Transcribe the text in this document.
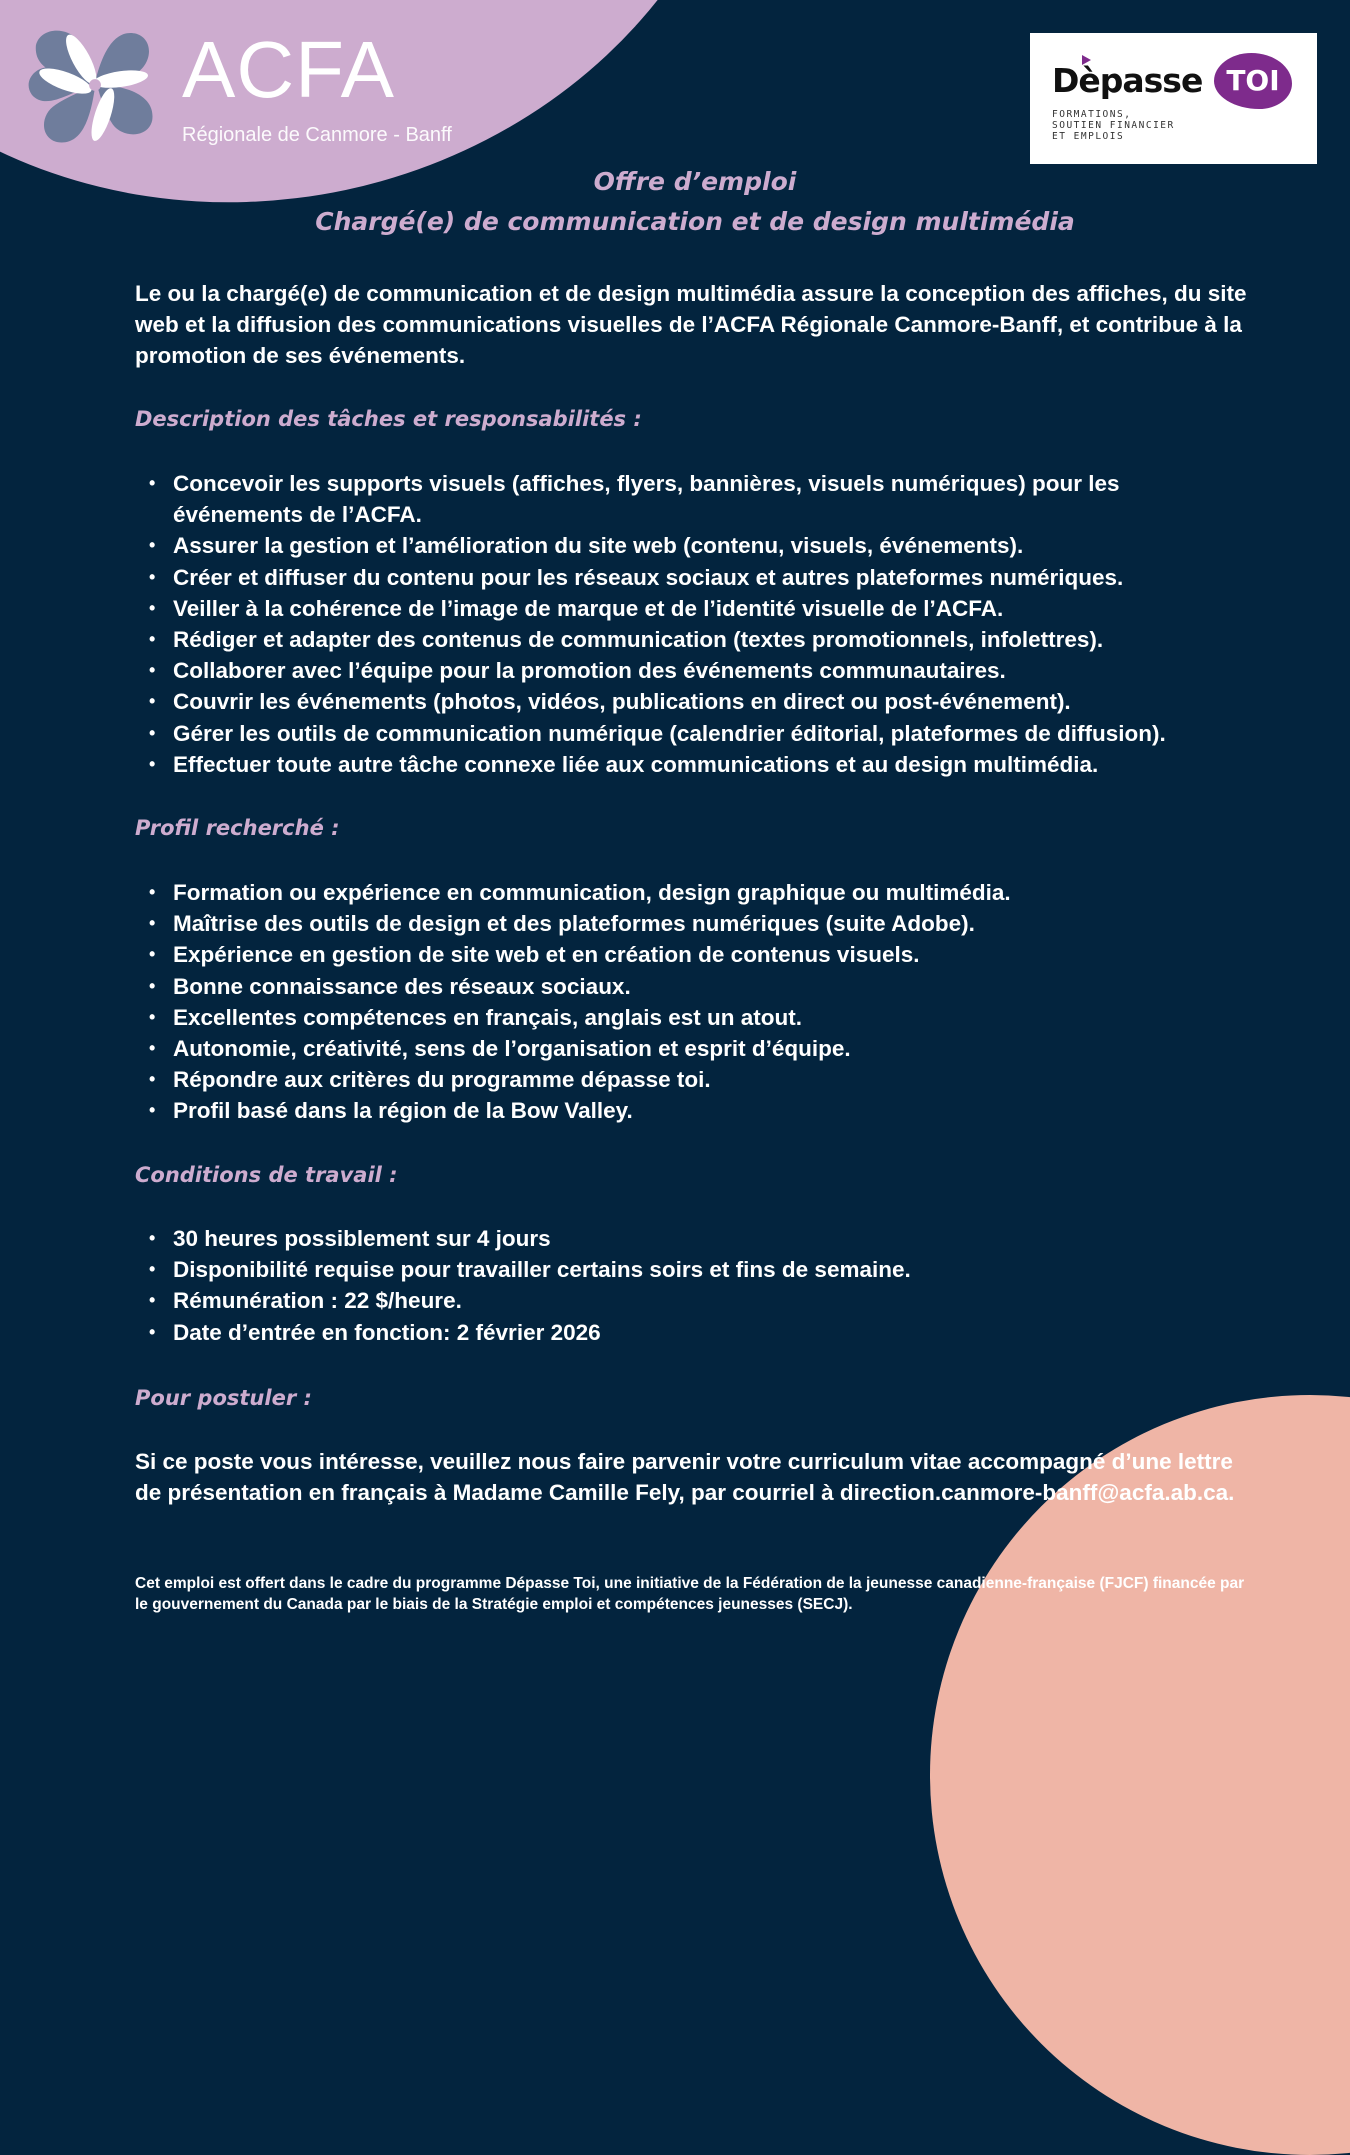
ACFA
Régionale de Canmore - Banff
Dèpasse TOI
FORMATIONS,
SOUTIEN FINANCIER
ET EMPLOIS
Offre d’emploi
Chargé(e) de communication et de design multimédia
Le ou la chargé(e) de communication et de design multimédia assure la conception des affiches, du site web et la diffusion des communications visuelles de l’ACFA Régionale Canmore-Banff, et contribue à la promotion de ses événements.
Description des tâches et responsabilités :
• Concevoir les supports visuels (affiches, flyers, bannières, visuels numériques) pour les événements de l’ACFA.
• Assurer la gestion et l’amélioration du site web (contenu, visuels, événements).
• Créer et diffuser du contenu pour les réseaux sociaux et autres plateformes numériques.
• Veiller à la cohérence de l’image de marque et de l’identité visuelle de l’ACFA.
• Rédiger et adapter des contenus de communication (textes promotionnels, infolettres).
• Collaborer avec l’équipe pour la promotion des événements communautaires.
• Couvrir les événements (photos, vidéos, publications en direct ou post-événement).
• Gérer les outils de communication numérique (calendrier éditorial, plateformes de diffusion).
• Effectuer toute autre tâche connexe liée aux communications et au design multimédia.
Profil recherché :
• Formation ou expérience en communication, design graphique ou multimédia.
• Maîtrise des outils de design et des plateformes numériques (suite Adobe).
• Expérience en gestion de site web et en création de contenus visuels.
• Bonne connaissance des réseaux sociaux.
• Excellentes compétences en français, anglais est un atout.
• Autonomie, créativité, sens de l’organisation et esprit d’équipe.
• Répondre aux critères du programme dépasse toi.
• Profil basé dans la région de la Bow Valley.
Conditions de travail :
• 30 heures possiblement sur 4 jours
• Disponibilité requise pour travailler certains soirs et fins de semaine.
• Rémunération : 22 $/heure.
• Date d’entrée en fonction: 2 février 2026
Pour postuler :
Si ce poste vous intéresse, veuillez nous faire parvenir votre curriculum vitae accompagné d’une lettre de présentation en français à Madame Camille Fely, par courriel à direction.canmore-banff@acfa.ab.ca.
Cet emploi est offert dans le cadre du programme Dépasse Toi, une initiative de la Fédération de la jeunesse canadienne-française (FJCF) financée par le gouvernement du Canada par le biais de la Stratégie emploi et compétences jeunesses (SECJ).
